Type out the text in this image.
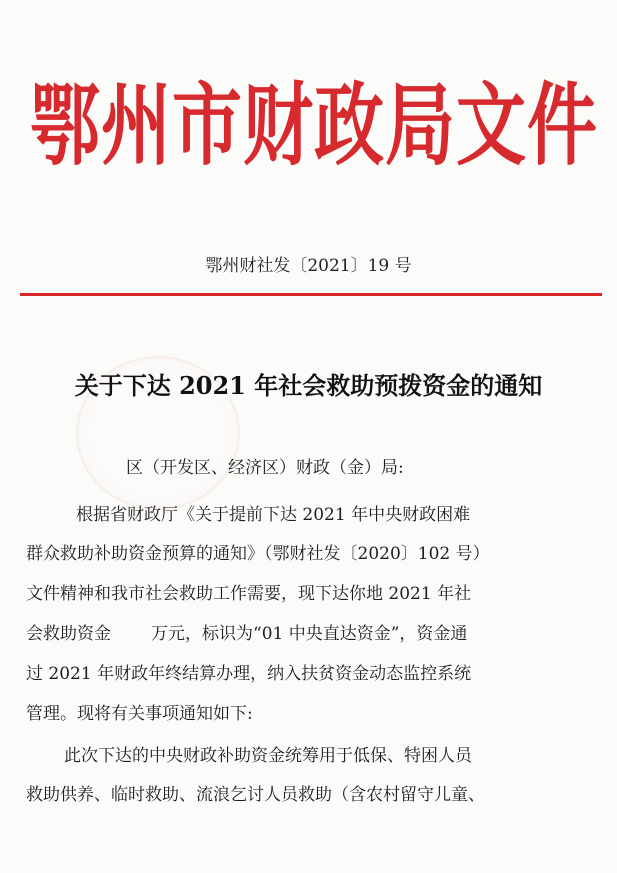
鄂州市财政局文件
鄂州财社发〔2021〕19 号
关于下达 2021 年社会救助预拨资金的通知
区（开发区、经济区）财政（金）局:
根据省财政厅《关于提前下达 2021 年中央财政困难
群众救助补助资金预算的通知》（鄂财社发〔2020〕102 号）
文件精神和我市社会救助工作需要，现下达你地 2021 年社
会救助资金 万元，标识为“01 中央直达资金”，资金通
过 2021 年财政年终结算办理，纳入扶贫资金动态监控系统
管理。现将有关事项通知如下:
此次下达的中央财政补助资金统筹用于低保、特困人员
救助供养、临时救助、流浪乞讨人员救助（含农村留守儿童、
